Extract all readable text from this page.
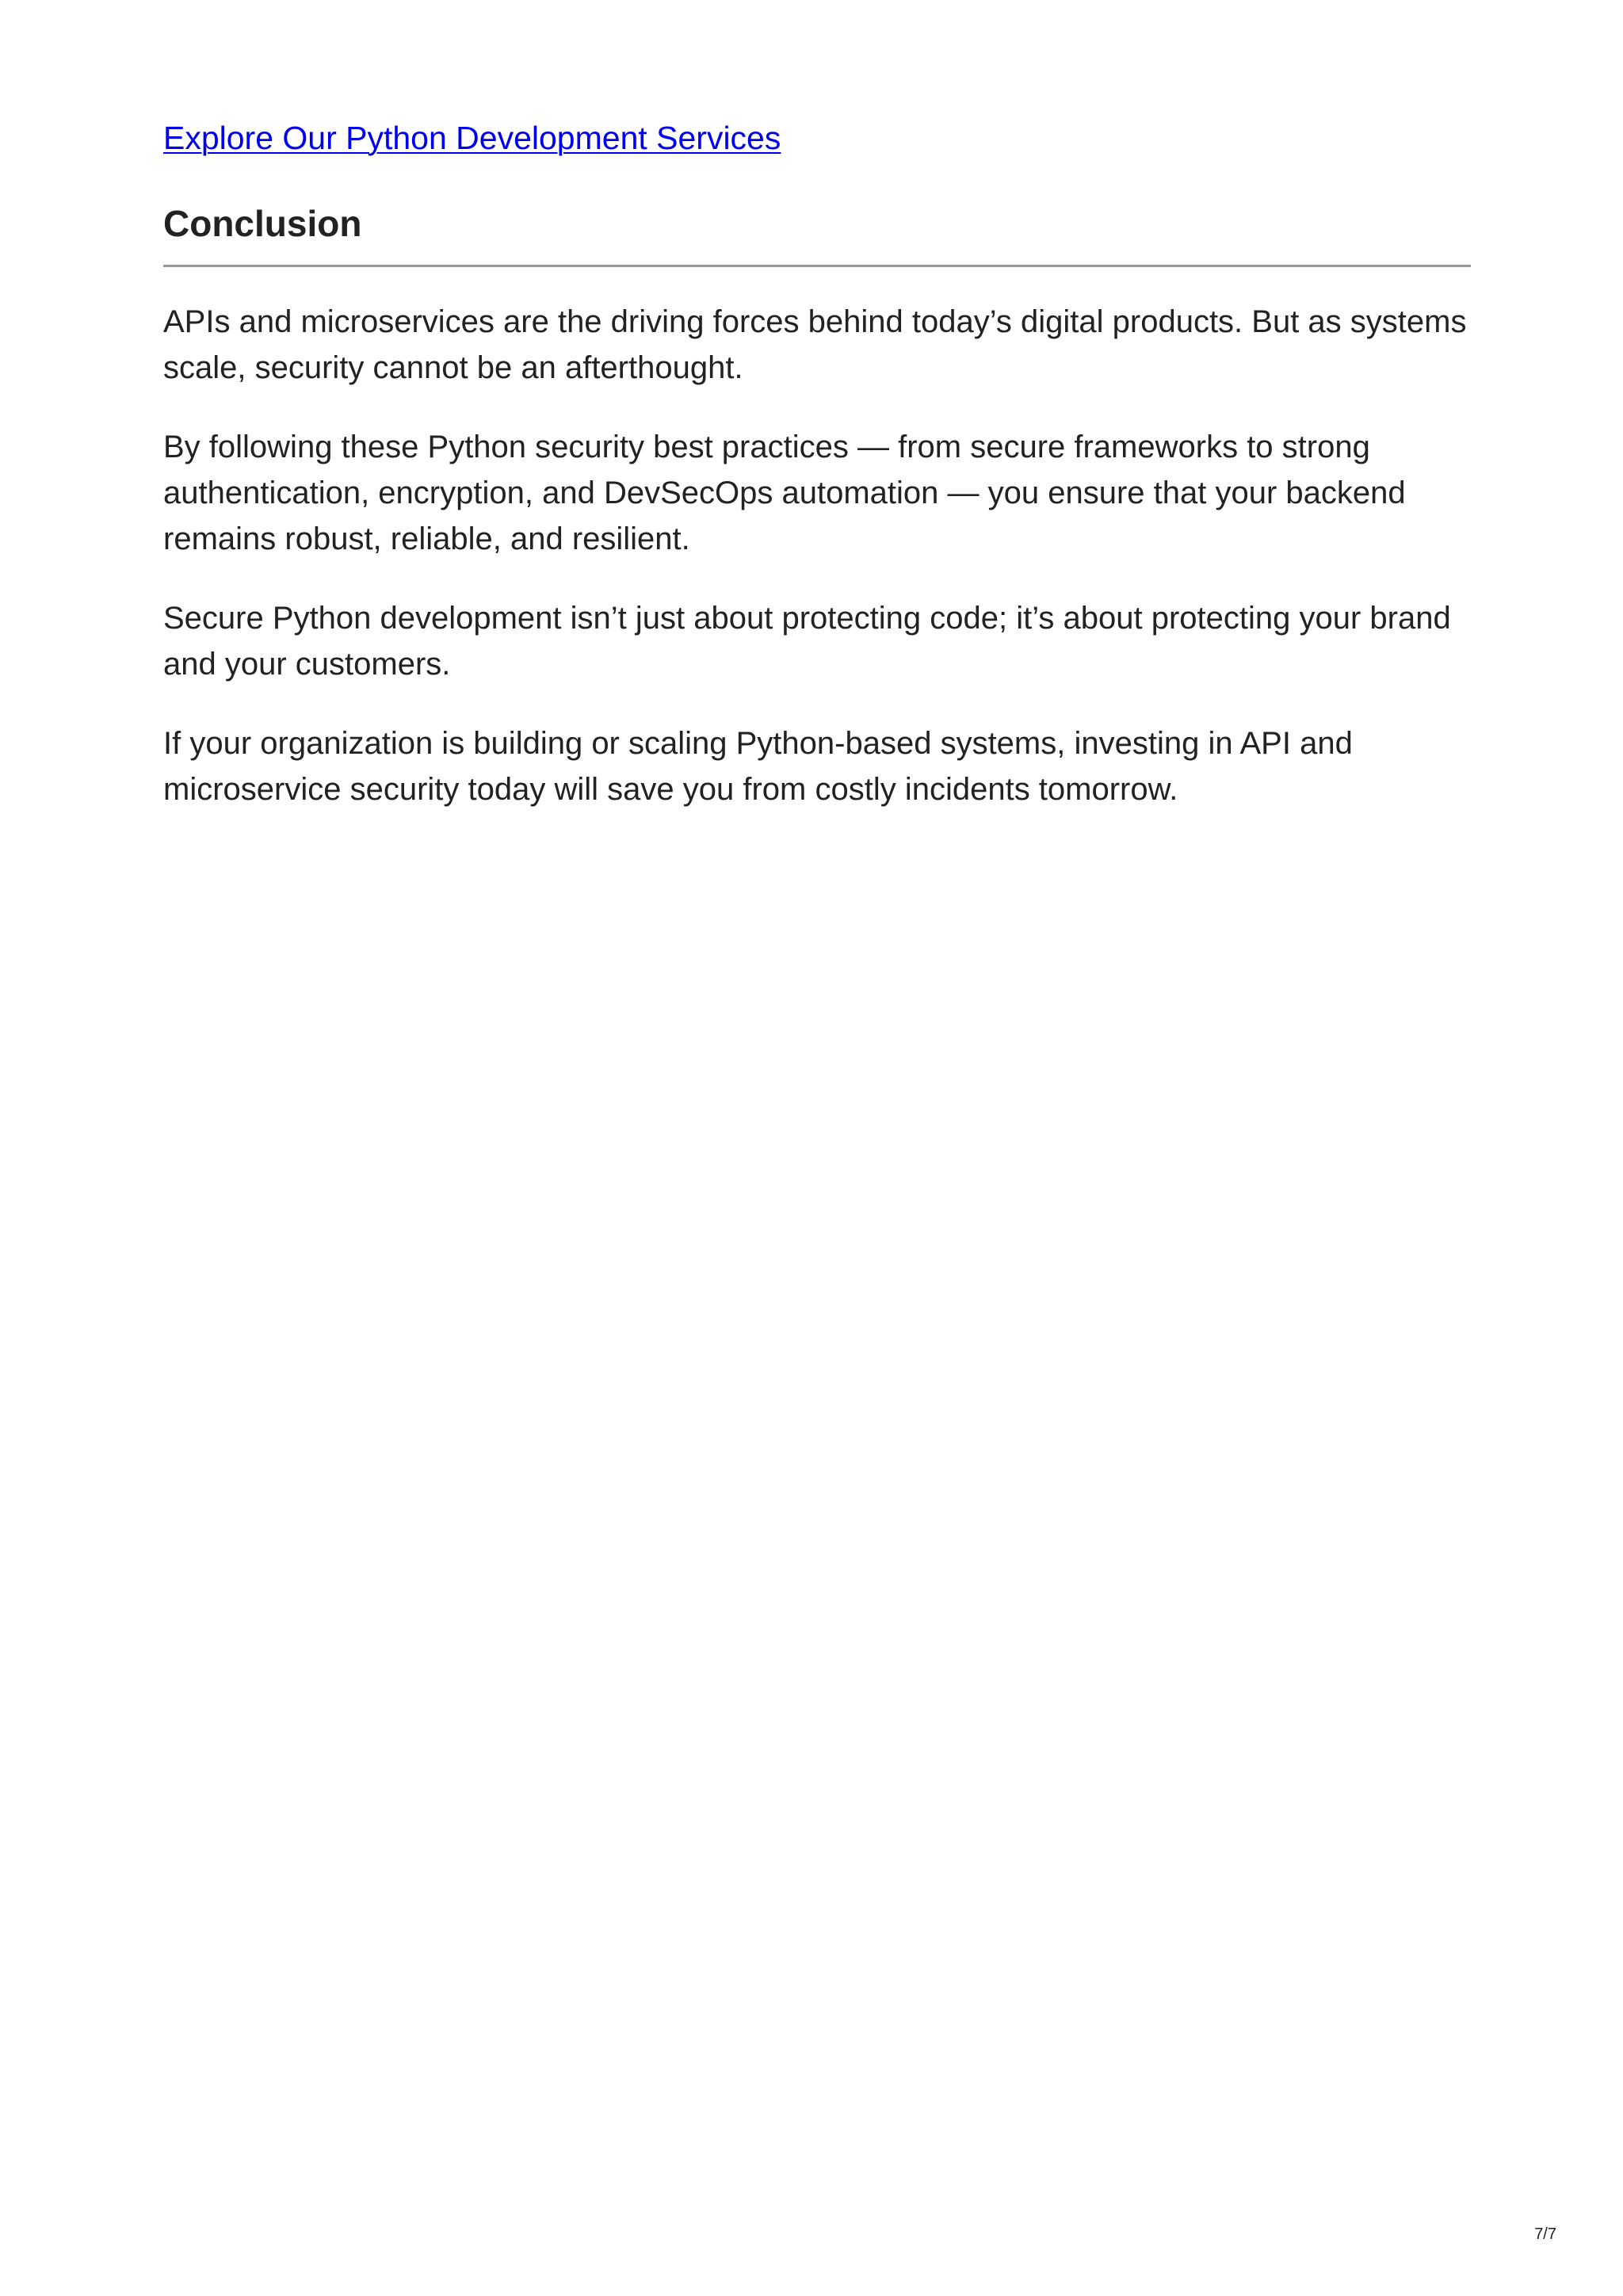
Explore Our Python Development Services
Conclusion

APIs and microservices are the driving forces behind today’s digital products. But as systems scale, security cannot be an afterthought.

By following these Python security best practices — from secure frameworks to strong authentication, encryption, and DevSecOps automation — you ensure that your backend remains robust, reliable, and resilient.

Secure Python development isn’t just about protecting code; it’s about protecting your brand and your customers.

If your organization is building or scaling Python-based systems, investing in API and microservice security today will save you from costly incidents tomorrow.

7/7
